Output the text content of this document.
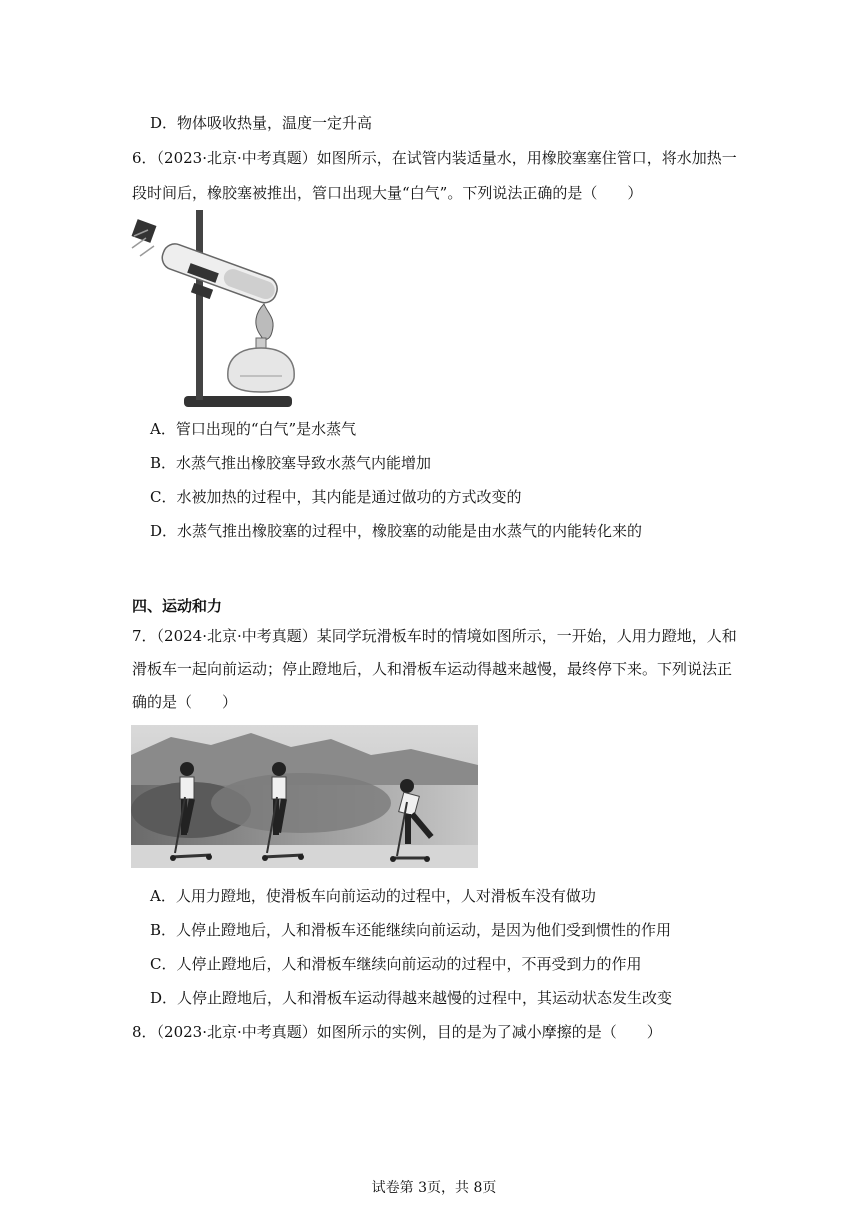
D．物体吸收热量，温度一定升高
6．（2023·北京·中考真题）如图所示，在试管内装适量水，用橡胶塞塞住管口，将水加热一
段时间后，橡胶塞被推出，管口出现大量“白气”。下列说法正确的是（　　）
A．管口出现的“白气”是水蒸气
B．水蒸气推出橡胶塞导致水蒸气内能增加
C．水被加热的过程中，其内能是通过做功的方式改变的
D．水蒸气推出橡胶塞的过程中，橡胶塞的动能是由水蒸气的内能转化来的
四、运动和力
7．（2024·北京·中考真题）某同学玩滑板车时的情境如图所示，一开始，人用力蹬地，人和
滑板车一起向前运动；停止蹬地后，人和滑板车运动得越来越慢，最终停下来。下列说法正
确的是（　　）
A．人用力蹬地，使滑板车向前运动的过程中，人对滑板车没有做功
B．人停止蹬地后，人和滑板车还能继续向前运动，是因为他们受到惯性的作用
C．人停止蹬地后，人和滑板车继续向前运动的过程中，不再受到力的作用
D．人停止蹬地后，人和滑板车运动得越来越慢的过程中，其运动状态发生改变
8．（2023·北京·中考真题）如图所示的实例，目的是为了减小摩擦的是（　　）
试卷第 3页，共 8页
